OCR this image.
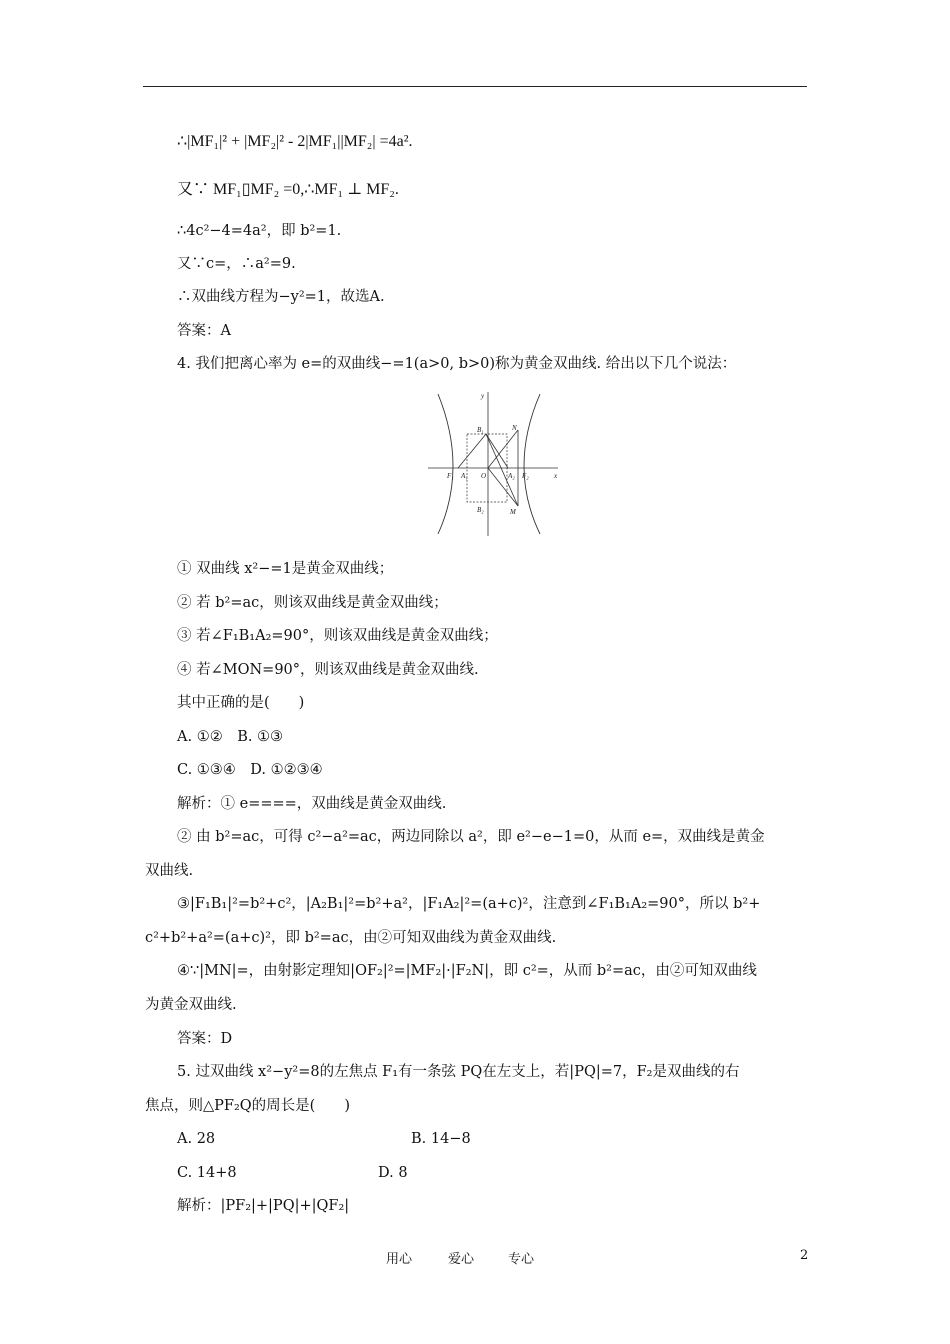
∴|MF₁|² + |MF₂|² - 2|MF₁||MF₂| =4a².
又∵ MF₁▯MF₂ =0,∴MF₁ ⊥ MF₂.
∴4c²−4=4a²，即 b²=1.
又∵c=，∴a²=9.
∴双曲线方程为−y²=1，故选A.
答案：A
4. 我们把离心率为 e=的双曲线−=1(a>0, b>0)称为黄金双曲线. 给出以下几个说法：
y
x
O
F₁ A₁	A₂ F₂
B₁
B₂
N
M
① 双曲线 x²−=1是黄金双曲线；
② 若 b²=ac，则该双曲线是黄金双曲线；
③ 若∠F₁B₁A₂=90°，则该双曲线是黄金双曲线；
④ 若∠MON=90°，则该双曲线是黄金双曲线.
其中正确的是(　　)
A. ①②　B. ①③
C. ①③④　D. ①②③④
解析：① e====，双曲线是黄金双曲线.
② 由 b²=ac，可得 c²−a²=ac，两边同除以 a²，即 e²−e−1=0，从而 e=，双曲线是黄金
双曲线.
③|F₁B₁|²=b²+c²，|A₂B₁|²=b²+a²，|F₁A₂|²=(a+c)²，注意到∠F₁B₁A₂=90°，所以 b²+
c²+b²+a²=(a+c)²，即 b²=ac，由②可知双曲线为黄金双曲线.
④∵|MN|=，由射影定理知|OF₂|²=|MF₂|·|F₂N|，即 c²=，从而 b²=ac，由②可知双曲线
为黄金双曲线.
答案：D
5. 过双曲线 x²−y²=8的左焦点 F₁有一条弦 PQ在左支上，若|PQ|=7，F₂是双曲线的右
焦点，则△PF₂Q的周长是(　　)
A. 28	B. 14−8
C. 14+8	D. 8
解析：|PF₂|+|PQ|+|QF₂|
用心	爱心	专心	2
